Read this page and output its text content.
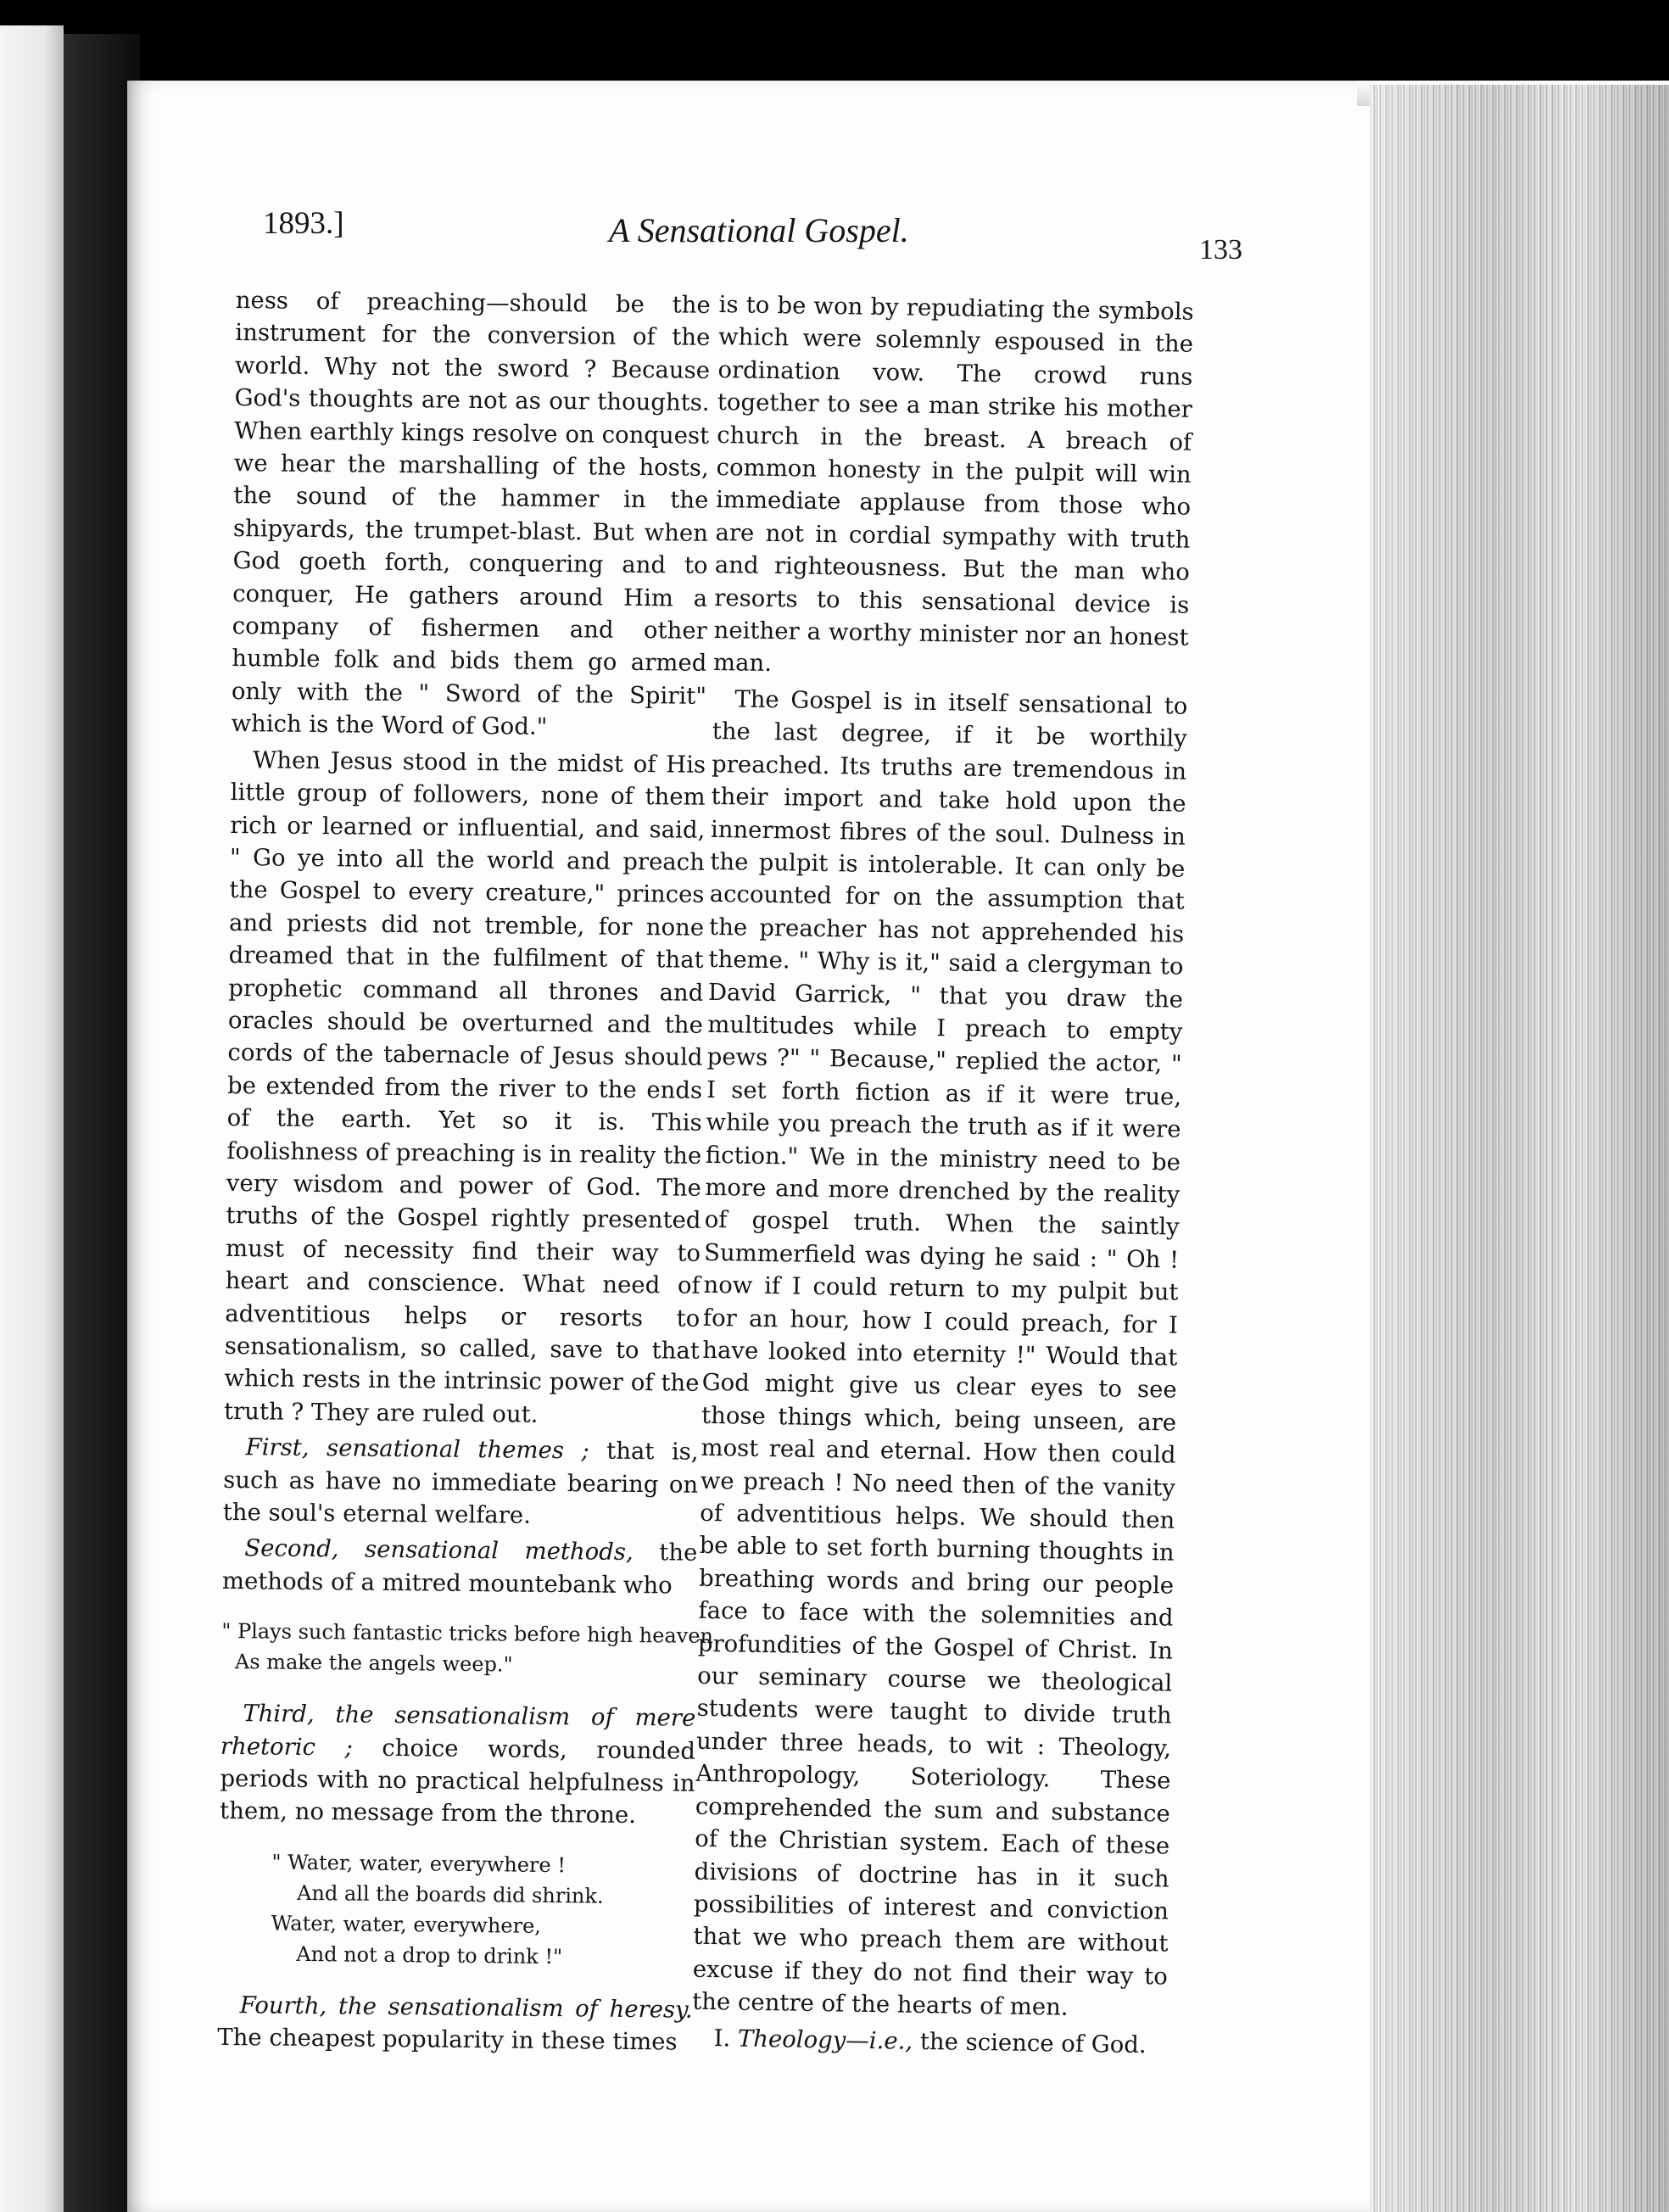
1893.]	A Sensational Gospel.
133

ness of preaching—should be the instrument for the conversion of the world. Why not the sword ? Because God's thoughts are not as our thoughts. When earthly kings resolve on conquest we hear the marshalling of the hosts, the sound of the hammer in the shipyards, the trumpet-blast. But when God goeth forth, conquering and to conquer, He gathers around Him a company of fishermen and other humble folk and bids them go armed only with the " Sword of the Spirit" which is the Word of God."

When Jesus stood in the midst of His little group of followers, none of them rich or learned or influential, and said, " Go ye into all the world and preach the Gospel to every creature," princes and priests did not tremble, for none dreamed that in the fulfilment of that prophetic command all thrones and oracles should be overturned and the cords of the tabernacle of Jesus should be extended from the river to the ends of the earth. Yet so it is. This foolishness of preaching is in reality the very wisdom and power of God. The truths of the Gospel rightly presented must of necessity find their way to heart and conscience. What need of adventitious helps or resorts to sensationalism, so called, save to that which rests in the intrinsic power of the truth ? They are ruled out.

First, sensational themes ; that is, such as have no immediate bearing on the soul's eternal welfare.

Second, sensational methods, the methods of a mitred mountebank who

" Plays such fantastic tricks before high heaven
As make the angels weep."

Third, the sensationalism of mere rhetoric ; choice words, rounded periods with no practical helpfulness in them, no message from the throne.

" Water, water, everywhere !
And all the boards did shrink.
Water, water, everywhere,
And not a drop to drink !"

Fourth, the sensationalism of heresy. The cheapest popularity in these times

is to be won by repudiating the symbols which were solemnly espoused in the ordination vow. The crowd runs together to see a man strike his mother church in the breast. A breach of common honesty in the pulpit will win immediate applause from those who are not in cordial sympathy with truth and righteousness. But the man who resorts to this sensational device is neither a worthy minister nor an honest man.

The Gospel is in itself sensational to the last degree, if it be worthily preached. Its truths are tremendous in their import and take hold upon the innermost fibres of the soul. Dulness in the pulpit is intolerable. It can only be accounted for on the assumption that the preacher has not apprehended his theme. " Why is it," said a clergyman to David Garrick, " that you draw the multitudes while I preach to empty pews ?" " Because," replied the actor, " I set forth fiction as if it were true, while you preach the truth as if it were fiction." We in the ministry need to be more and more drenched by the reality of gospel truth. When the saintly Summerfield was dying he said : " Oh ! now if I could return to my pulpit but for an hour, how I could preach, for I have looked into eternity !" Would that God might give us clear eyes to see those things which, being unseen, are most real and eternal. How then could we preach ! No need then of the vanity of adventitious helps. We should then be able to set forth burning thoughts in breathing words and bring our people face to face with the solemnities and profundities of the Gospel of Christ. In our seminary course we theological students were taught to divide truth under three heads, to wit : Theology, Anthropology, Soteriology. These comprehended the sum and substance of the Christian system. Each of these divisions of doctrine has in it such possibilities of interest and conviction that we who preach them are without excuse if they do not find their way to the centre of the hearts of men.

I. Theology—i.e., the science of God.
